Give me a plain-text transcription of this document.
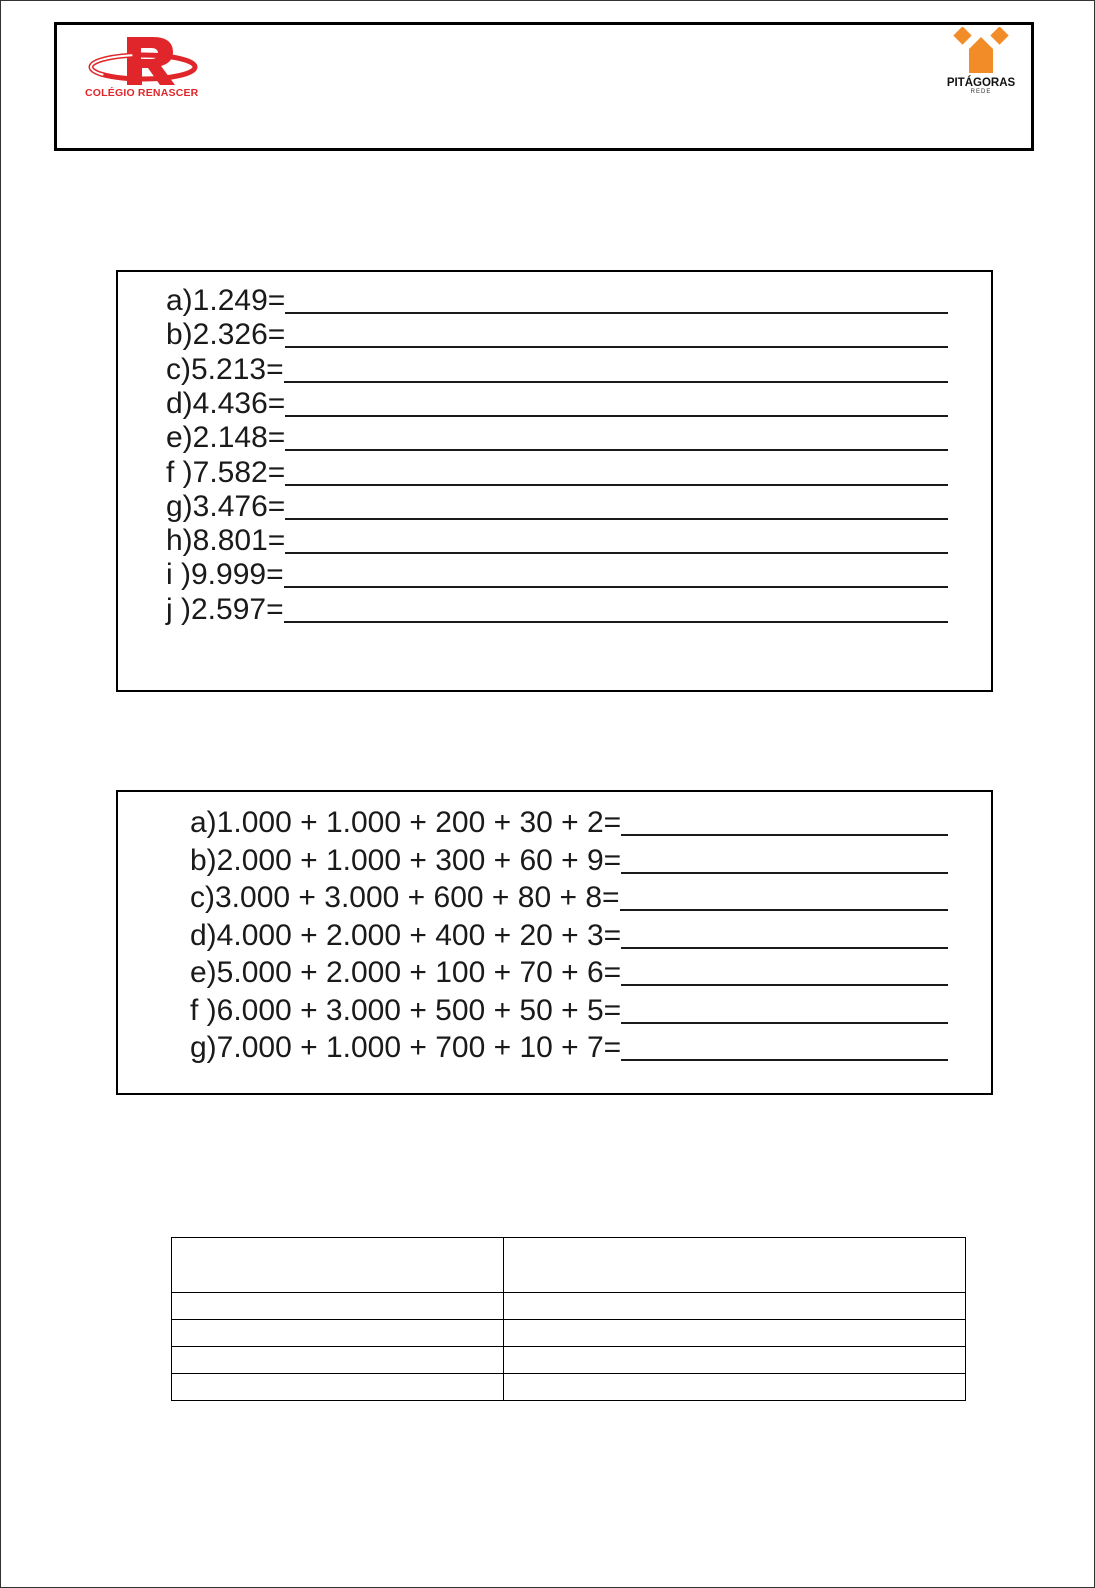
COLÉGIO RENASCER
PITÁGORAS
REDE
a)1.249=
b)2.326=
c)5.213=
d)4.436=
e)2.148=
f )7.582=
g)3.476=
h)8.801=
i )9.999=
j )2.597=
a)1.000 + 1.000 + 200 + 30 + 2=
b)2.000 + 1.000 + 300 + 60 + 9=
c)3.000 + 3.000 + 600 + 80 + 8=
d)4.000 + 2.000 + 400 + 20 + 3=
e)5.000 + 2.000 + 100 + 70 + 6=
f )6.000 + 3.000 + 500 + 50 + 5=
g)7.000 + 1.000 + 700 + 10 + 7=
